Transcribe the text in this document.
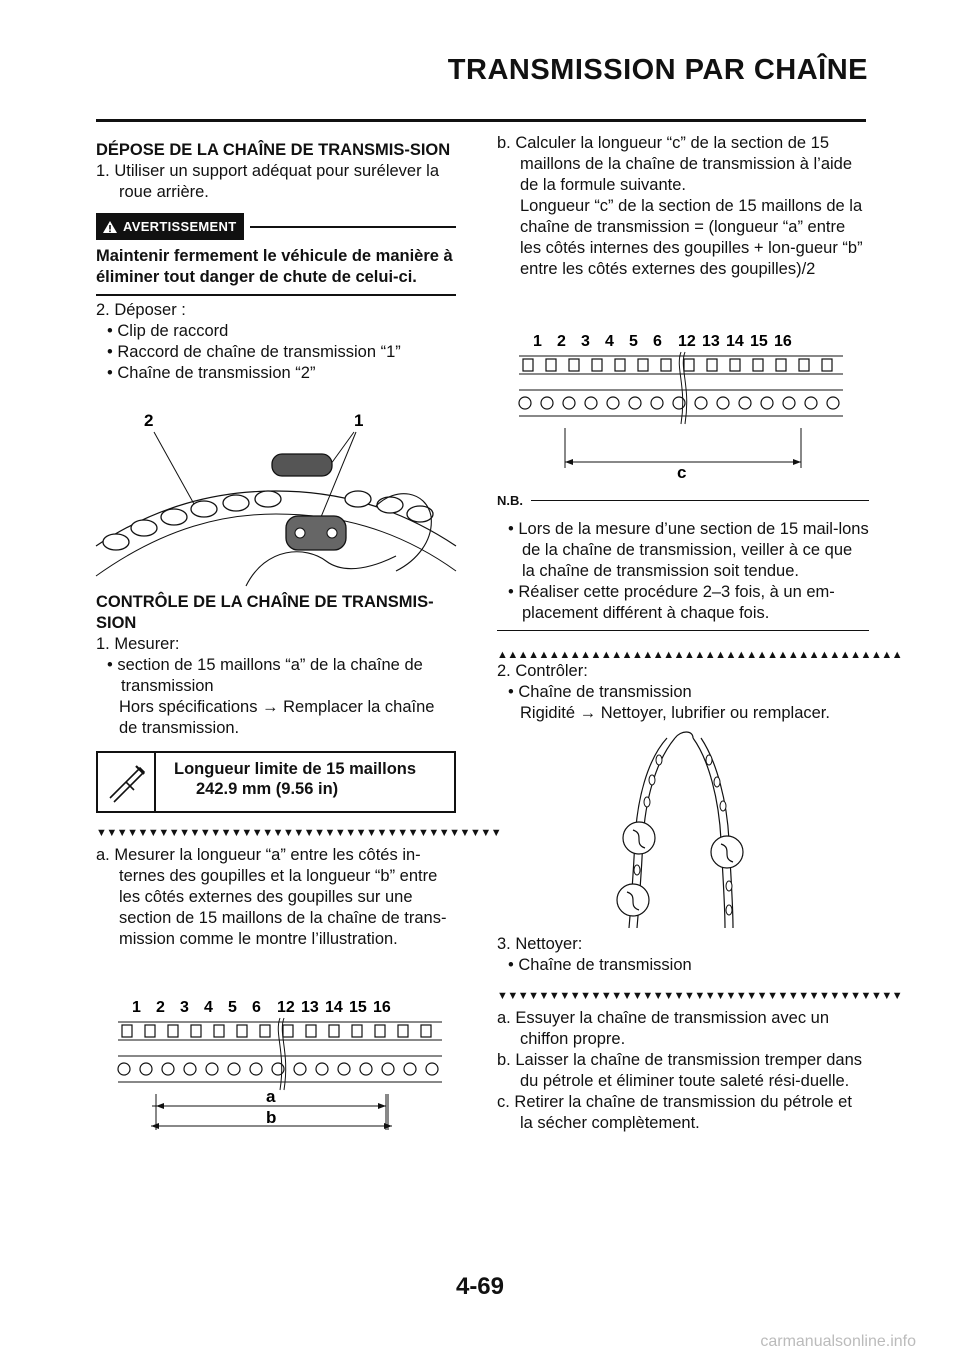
TRANSMISSION PAR CHAÎNE

DÉPOSE DE LA CHAÎNE DE TRANSMIS-SION

1. Utiliser un support adéquat pour surélever la roue arrière.

AVERTISSEMENT
Maintenir fermement le véhicule de manière à éliminer tout danger de chute de celui-ci.

2. Déposer :

• Clip de raccord

• Raccord de chaîne de transmission “1”

• Chaîne de transmission “2”

2	1

CONTRÔLE DE LA CHAÎNE DE TRANSMIS-SION

1. Mesurer:

• section de 15 maillons “a” de la chaîne de transmission

Hors spécifications → Remplacer la chaîne de transmission.

Longueur limite de 15 maillons
242.9 mm (9.56 in)
▼▼▼▼▼▼▼▼▼▼▼▼▼▼▼▼▼▼▼▼▼▼▼▼▼▼▼▼▼▼▼▼▼▼▼▼▼▼▼

a. Mesurer la longueur “a” entre les côtés in-ternes des goupilles et la longueur “b” entre les côtés externes des goupilles sur une section de 15 maillons de la chaîne de trans-mission comme le montre l’illustration.

1 2 3 4 5 6 12 13 14 15 16
a
b

b. Calculer la longueur “c” de la section de 15 maillons de la chaîne de transmission à l’aide de la formule suivante.

Longueur “c” de la section de 15 maillons de la chaîne de transmission = (longueur “a” entre les côtés internes des goupilles + lon-gueur “b” entre les côtés externes des goupilles)/2

1 2 3 4 5 6 12 13 14 15 16
c
N.B.

• Lors de la mesure d’une section de 15 mail-lons de la chaîne de transmission, veiller à ce que la chaîne de transmission soit tendue.

• Réaliser cette procédure 2–3 fois, à un em-placement différent à chaque fois.

▲▲▲▲▲▲▲▲▲▲▲▲▲▲▲▲▲▲▲▲▲▲▲▲▲▲▲▲▲▲▲▲▲▲▲▲▲▲▲

2. Contrôler:

• Chaîne de transmission

Rigidité → Nettoyer, lubrifier ou remplacer.

3. Nettoyer:

• Chaîne de transmission

▼▼▼▼▼▼▼▼▼▼▼▼▼▼▼▼▼▼▼▼▼▼▼▼▼▼▼▼▼▼▼▼▼▼▼▼▼▼▼

a. Essuyer la chaîne de transmission avec un chiffon propre.

b. Laisser la chaîne de transmission tremper dans du pétrole et éliminer toute saleté rési-duelle.

c. Retirer la chaîne de transmission du pétrole et la sécher complètement.

4-69
carmanualsonline.info
